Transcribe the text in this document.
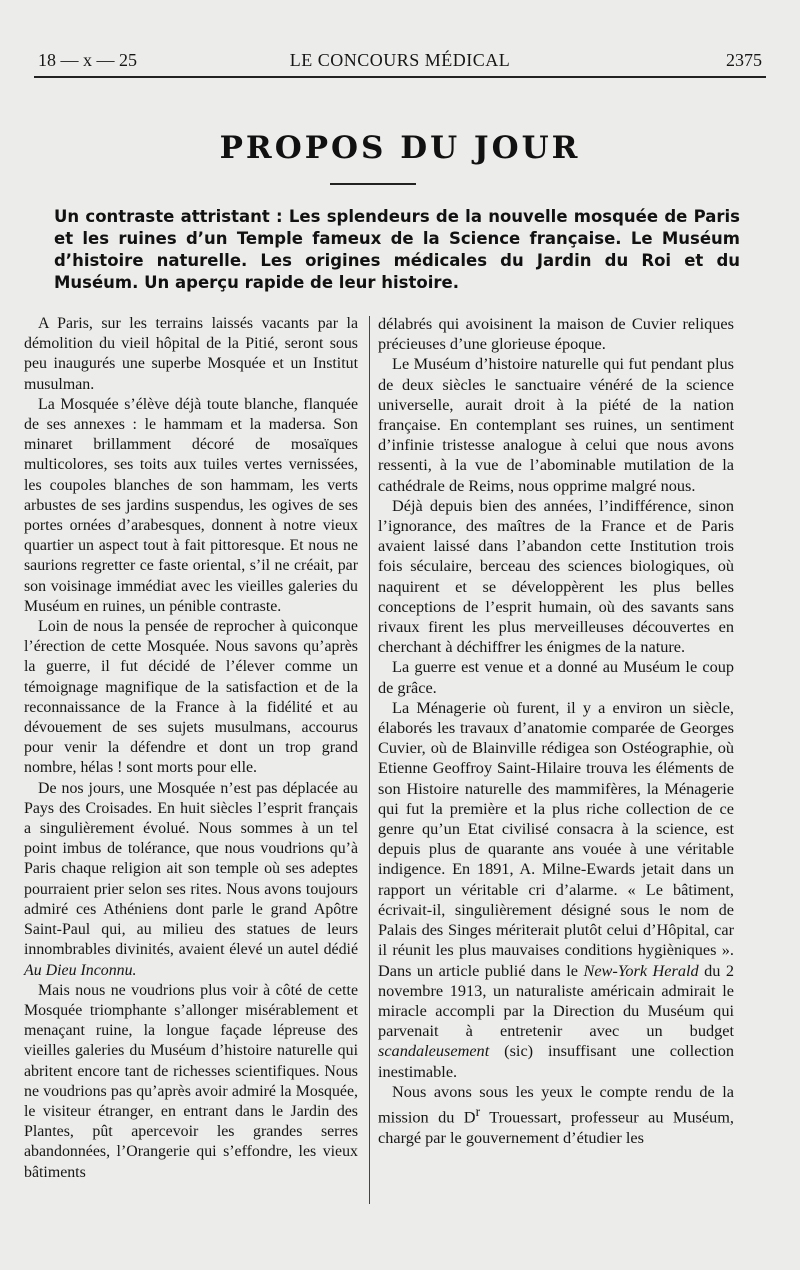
18 — x — 25	LE CONCOURS MÉDICAL	2375
PROPOS DU JOUR
Un contraste attristant : Les splendeurs de la nouvelle mosquée de Paris et les ruines d’un Temple fameux de la Science française. Le Muséum d’histoire naturelle. Les origines médicales du Jardin du Roi et du Muséum. Un aperçu rapide de leur histoire.

A Paris, sur les terrains laissés vacants par la démolition du vieil hôpital de la Pitié, seront sous peu inaugurés une superbe Mosquée et un Institut musulman.

La Mosquée s’élève déjà toute blanche, flanquée de ses annexes : le hammam et la madersa. Son minaret brillamment décoré de mosaïques multicolores, ses toits aux tuiles vertes vernissées, les coupoles blanches de son hammam, les verts arbustes de ses jardins suspendus, les ogives de ses portes ornées d’arabesques, donnent à notre vieux quartier un aspect tout à fait pittoresque. Et nous ne saurions regretter ce faste oriental, s’il ne créait, par son voisinage immédiat avec les vieilles galeries du Muséum en ruines, un pénible contraste.

Loin de nous la pensée de reprocher à quiconque l’érection de cette Mosquée. Nous savons qu’après la guerre, il fut décidé de l’élever comme un témoignage magnifique de la satisfaction et de la reconnaissance de la France à la fidélité et au dévouement de ses sujets musulmans, accourus pour venir la défendre et dont un trop grand nombre, hélas ! sont morts pour elle.

De nos jours, une Mosquée n’est pas déplacée au Pays des Croisades. En huit siècles l’esprit français a singulièrement évolué. Nous sommes à un tel point imbus de tolérance, que nous voudrions qu’à Paris chaque religion ait son temple où ses adeptes pourraient prier selon ses rites. Nous avons toujours admiré ces Athéniens dont parle le grand Apôtre Saint-Paul qui, au milieu des statues de leurs innombrables divinités, avaient élevé un autel dédié Au Dieu Inconnu.

Mais nous ne voudrions plus voir à côté de cette Mosquée triomphante s’allonger misérablement et menaçant ruine, la longue façade lépreuse des vieilles galeries du Muséum d’histoire naturelle qui abritent encore tant de richesses scientifiques. Nous ne voudrions pas qu’après avoir admiré la Mosquée, le visiteur étranger, en entrant dans le Jardin des Plantes, pût apercevoir les grandes serres abandonnées, l’Orangerie qui s’effondre, les vieux bâtiments

délabrés qui avoisinent la maison de Cuvier reliques précieuses d’une glorieuse époque.

Le Muséum d’histoire naturelle qui fut pendant plus de deux siècles le sanctuaire vénéré de la science universelle, aurait droit à la piété de la nation française. En contemplant ses ruines, un sentiment d’infinie tristesse analogue à celui que nous avons ressenti, à la vue de l’abominable mutilation de la cathédrale de Reims, nous opprime malgré nous.

Déjà depuis bien des années, l’indifférence, sinon l’ignorance, des maîtres de la France et de Paris avaient laissé dans l’abandon cette Institution trois fois séculaire, berceau des sciences biologiques, où naquirent et se développèrent les plus belles conceptions de l’esprit humain, où des savants sans rivaux firent les plus merveilleuses découvertes en cherchant à déchiffrer les énigmes de la nature.

La guerre est venue et a donné au Muséum le coup de grâce.

La Ménagerie où furent, il y a environ un siècle, élaborés les travaux d’anatomie comparée de Georges Cuvier, où de Blainville rédigea son Ostéographie, où Etienne Geoffroy Saint-Hilaire trouva les éléments de son Histoire naturelle des mammifères, la Ménagerie qui fut la première et la plus riche collection de ce genre qu’un Etat civilisé consacra à la science, est depuis plus de quarante ans vouée à une véritable indigence. En 1891, A. Milne-Ewards jetait dans un rapport un véritable cri d’alarme. « Le bâtiment, écrivait-il, singulièrement désigné sous le nom de Palais des Singes mériterait plutôt celui d’Hôpital, car il réunit les plus mauvaises conditions hygièniques ». Dans un article publié dans le New-York Herald du 2 novembre 1913, un naturaliste américain admirait le miracle accompli par la Direction du Muséum qui parvenait à entretenir avec un budget scandaleusement (sic) insuffisant une collection inestimable.

Nous avons sous les yeux le compte rendu de la mission du $D^r$ Trouessart, professeur au Muséum, chargé par le gouvernement d’étudier les
